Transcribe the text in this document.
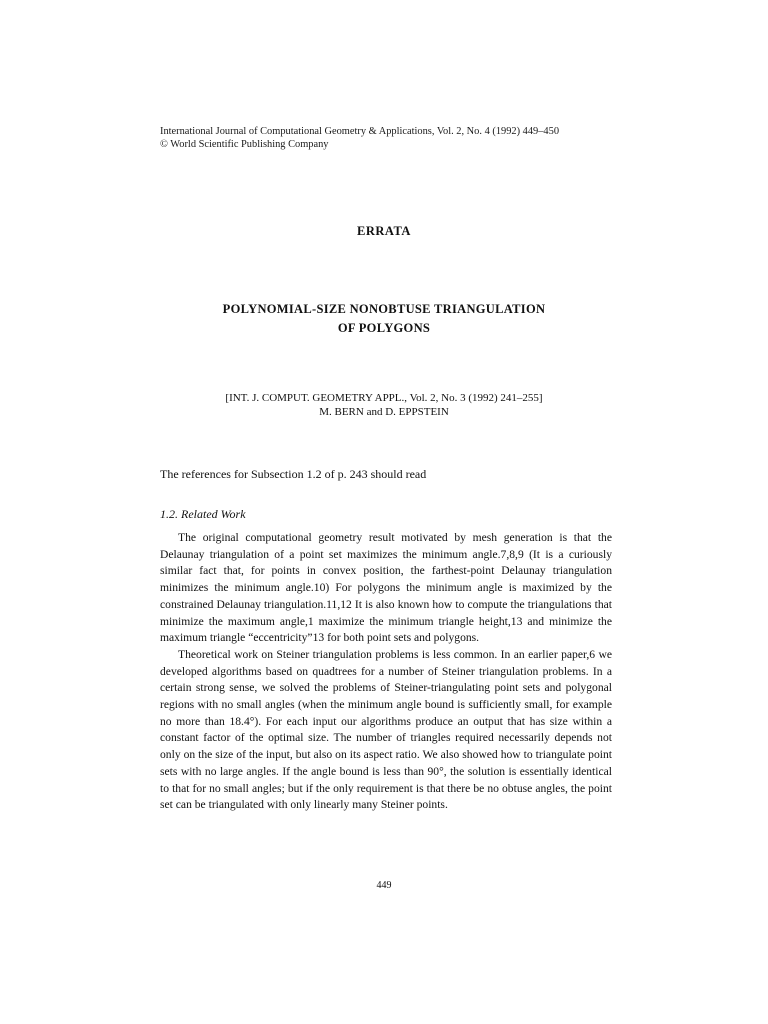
International Journal of Computational Geometry & Applications, Vol. 2, No. 4 (1992) 449–450
© World Scientific Publishing Company
ERRATA
POLYNOMIAL-SIZE NONOBTUSE TRIANGULATION
OF POLYGONS
[INT. J. COMPUT. GEOMETRY APPL., Vol. 2, No. 3 (1992) 241–255]
M. BERN and D. EPPSTEIN
The references for Subsection 1.2 of p. 243 should read
1.2. Related Work

The original computational geometry result motivated by mesh generation is that the Delaunay triangulation of a point set maximizes the minimum angle.7,8,9 (It is a curiously similar fact that, for points in convex position, the farthest-point Delaunay triangulation minimizes the minimum angle.10) For polygons the minimum angle is maximized by the constrained Delaunay triangulation.11,12 It is also known how to compute the triangulations that minimize the maximum angle,1 maximize the minimum triangle height,13 and minimize the maximum triangle “eccentricity”13 for both point sets and polygons.

Theoretical work on Steiner triangulation problems is less common. In an earlier paper,6 we developed algorithms based on quadtrees for a number of Steiner triangulation problems. In a certain strong sense, we solved the problems of Steiner-triangulating point sets and polygonal regions with no small angles (when the minimum angle bound is sufficiently small, for example no more than 18.4°). For each input our algorithms produce an output that has size within a constant factor of the optimal size. The number of triangles required necessarily depends not only on the size of the input, but also on its aspect ratio. We also showed how to triangulate point sets with no large angles. If the angle bound is less than 90°, the solution is essentially identical to that for no small angles; but if the only requirement is that there be no obtuse angles, the point set can be triangulated with only linearly many Steiner points.

449
